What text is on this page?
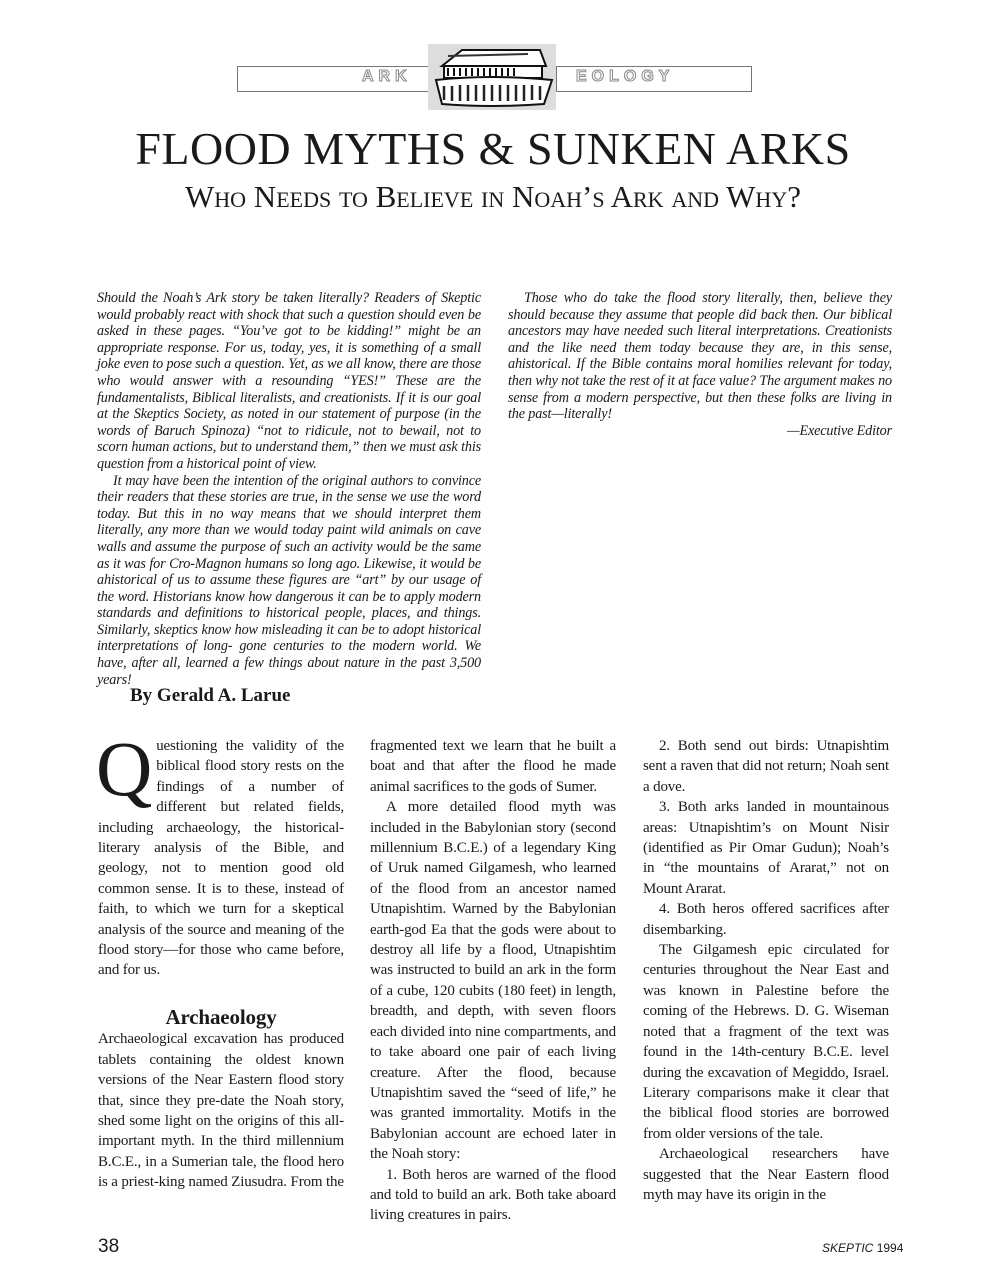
ARK	EOLOGY
FLOOD MYTHS & SUNKEN ARKS
Who Needs to Believe in Noah’s Ark and Why?

Should the Noah’s Ark story be taken literally? Readers of Skeptic would probably react with shock that such a question should even be asked in these pages. “You’ve got to be kidding!” might be an appropriate response. For us, today, yes, it is something of a small joke even to pose such a question. Yet, as we all know, there are those who would answer with a resounding “YES!” These are the fundamentalists, Biblical literalists, and creationists. If it is our goal at the Skeptics Society, as noted in our statement of purpose (in the words of Baruch Spinoza) “not to ridicule, not to bewail, not to scorn human actions, but to understand them,” then we must ask this question from a historical point of view.

It may have been the intention of the original authors to convince their readers that these stories are true, in the sense we use the word today. But this in no way means that we should interpret them literally, any more than we would today paint wild animals on cave walls and assume the purpose of such an activity would be the same as it was for Cro-Magnon humans so long ago. Likewise, it would be ahistorical of us to assume these figures are “art” by our usage of the word. Historians know how dangerous it can be to apply modern standards and definitions to historical people, places, and things. Similarly, skeptics know how misleading it can be to adopt historical interpretations of long- gone centuries to the modern world. We have, after all, learned a few things about nature in the past 3,500 years!

Those who do take the flood story literally, then, believe they should because they assume that people did back then. Our biblical ancestors may have needed such literal interpretations. Creationists and the like need them today because they are, in this sense, ahistorical. If the Bible contains moral homilies relevant for today, then why not take the rest of it at face value? The argument makes no sense from a modern perspective, but then these folks are living in the past—literally!

—Executive Editor

By Gerald A. Larue

Questioning the validity of the biblical flood story rests on the findings of a number of different but related fields, including archaeology, the historical-literary analysis of the Bible, and geology, not to mention good old common sense. It is to these, instead of faith, to which we turn for a skeptical analysis of the source and meaning of the flood story—for those who came before, and for us.

Archaeology

Archaeological excavation has produced tablets containing the oldest known versions of the Near Eastern flood story that, since they pre-date the Noah story, shed some light on the origins of this all-important myth. In the third millennium B.C.E., in a Sumerian tale, the flood hero is a priest-king named Ziusudra. From the

fragmented text we learn that he built a boat and that after the flood he made animal sacrifices to the gods of Sumer.

A more detailed flood myth was included in the Babylonian story (second millennium B.C.E.) of a legendary King of Uruk named Gilgamesh, who learned of the flood from an ancestor named Utnapishtim. Warned by the Babylonian earth-god Ea that the gods were about to destroy all life by a flood, Utnapishtim was instructed to build an ark in the form of a cube, 120 cubits (180 feet) in length, breadth, and depth, with seven floors each divided into nine compartments, and to take aboard one pair of each living creature. After the flood, because Utnapishtim saved the “seed of life,” he was granted immortality. Motifs in the Babylonian account are echoed later in the Noah story:

1. Both heros are warned of the flood and told to build an ark. Both take aboard living creatures in pairs.

2. Both send out birds: Utnapishtim sent a raven that did not return; Noah sent a dove.

3. Both arks landed in mountainous areas: Utnapishtim’s on Mount Nisir (identified as Pir Omar Gudun); Noah’s in “the mountains of Ararat,” not on Mount Ararat.

4. Both heros offered sacrifices after disembarking.

The Gilgamesh epic circulated for centuries throughout the Near East and was known in Palestine before the coming of the Hebrews. D. G. Wiseman noted that a fragment of the text was found in the 14th-century B.C.E. level during the excavation of Megiddo, Israel. Literary comparisons make it clear that the biblical flood stories are borrowed from older versions of the tale.

Archaeological researchers have suggested that the Near Eastern flood myth may have its origin in the

38	SKEPTIC 1994
